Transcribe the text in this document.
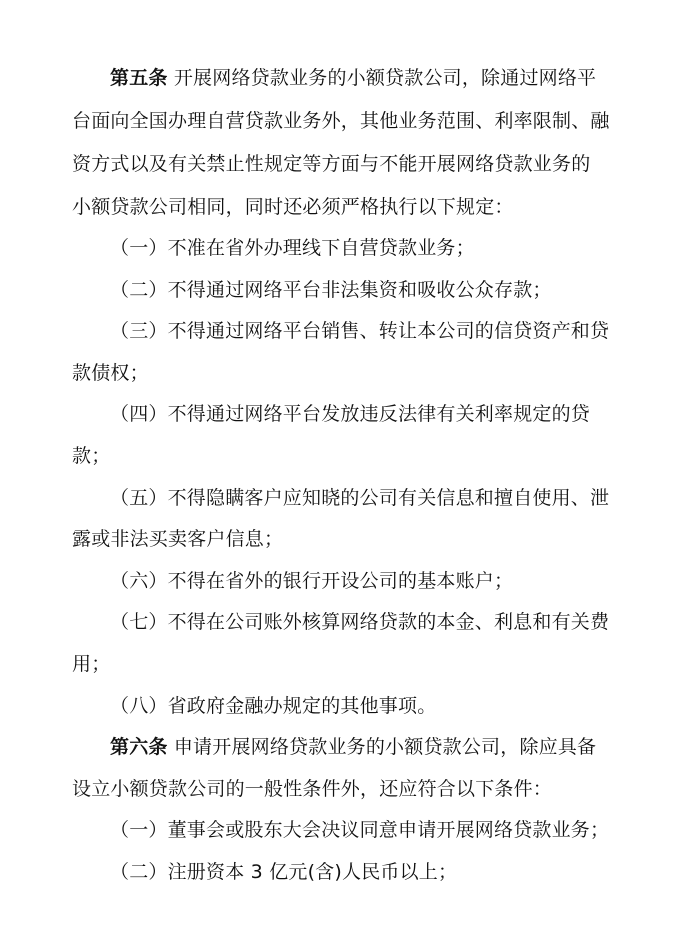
第五条 开展网络贷款业务的小额贷款公司，除通过网络平
台面向全国办理自营贷款业务外，其他业务范围、利率限制、融
资方式以及有关禁止性规定等方面与不能开展网络贷款业务的
小额贷款公司相同，同时还必须严格执行以下规定：
（一）不准在省外办理线下自营贷款业务；
（二）不得通过网络平台非法集资和吸收公众存款；
（三）不得通过网络平台销售、转让本公司的信贷资产和贷
款债权；
（四）不得通过网络平台发放违反法律有关利率规定的贷
款；
（五）不得隐瞒客户应知晓的公司有关信息和擅自使用、泄
露或非法买卖客户信息；
（六）不得在省外的银行开设公司的基本账户；
（七）不得在公司账外核算网络贷款的本金、利息和有关费
用；
（八）省政府金融办规定的其他事项。
第六条 申请开展网络贷款业务的小额贷款公司，除应具备
设立小额贷款公司的一般性条件外，还应符合以下条件：
（一）董事会或股东大会决议同意申请开展网络贷款业务；
（二）注册资本 3 亿元(含)人民币以上；
